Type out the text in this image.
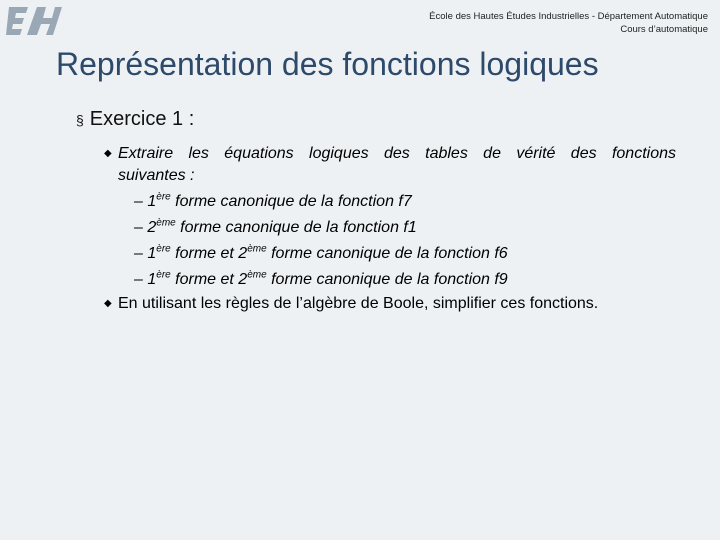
École des Hautes Études Industrielles - Département Automatique
Cours d’automatique
Représentation des fonctions logiques
§ Exercice 1 :
◆ Extraire les équations logiques des tables de vérité des fonctions
suivantes :
– 1ère forme canonique de la fonction f7
– 2ème forme canonique de la fonction f1
– 1ère forme et 2ème forme canonique de la fonction f6
– 1ère forme et 2ème forme canonique de la fonction f9
◆ En utilisant les règles de l’algèbre de Boole, simplifier ces fonctions.
